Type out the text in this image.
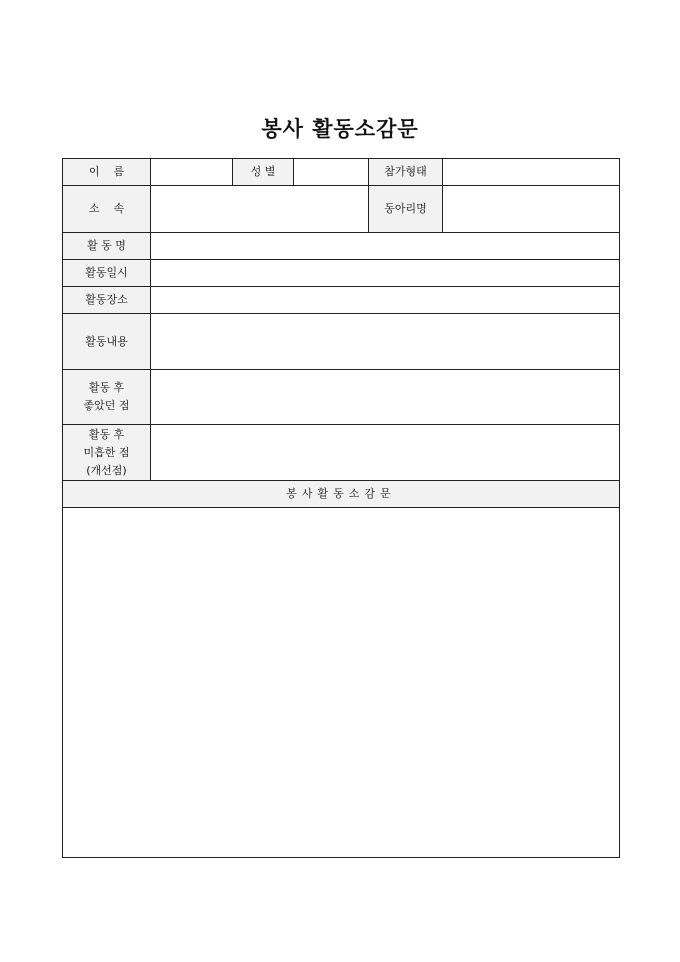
봉사 활동소감문
이    름		성 별		참가형태	
소    속				동아리명	
활 동 명					
활동일시					
활동장소					
활동내용					

활동 후
좋았던 점					

활동 후
미흡한 점
(개선점)					

봉사활동소감문					
